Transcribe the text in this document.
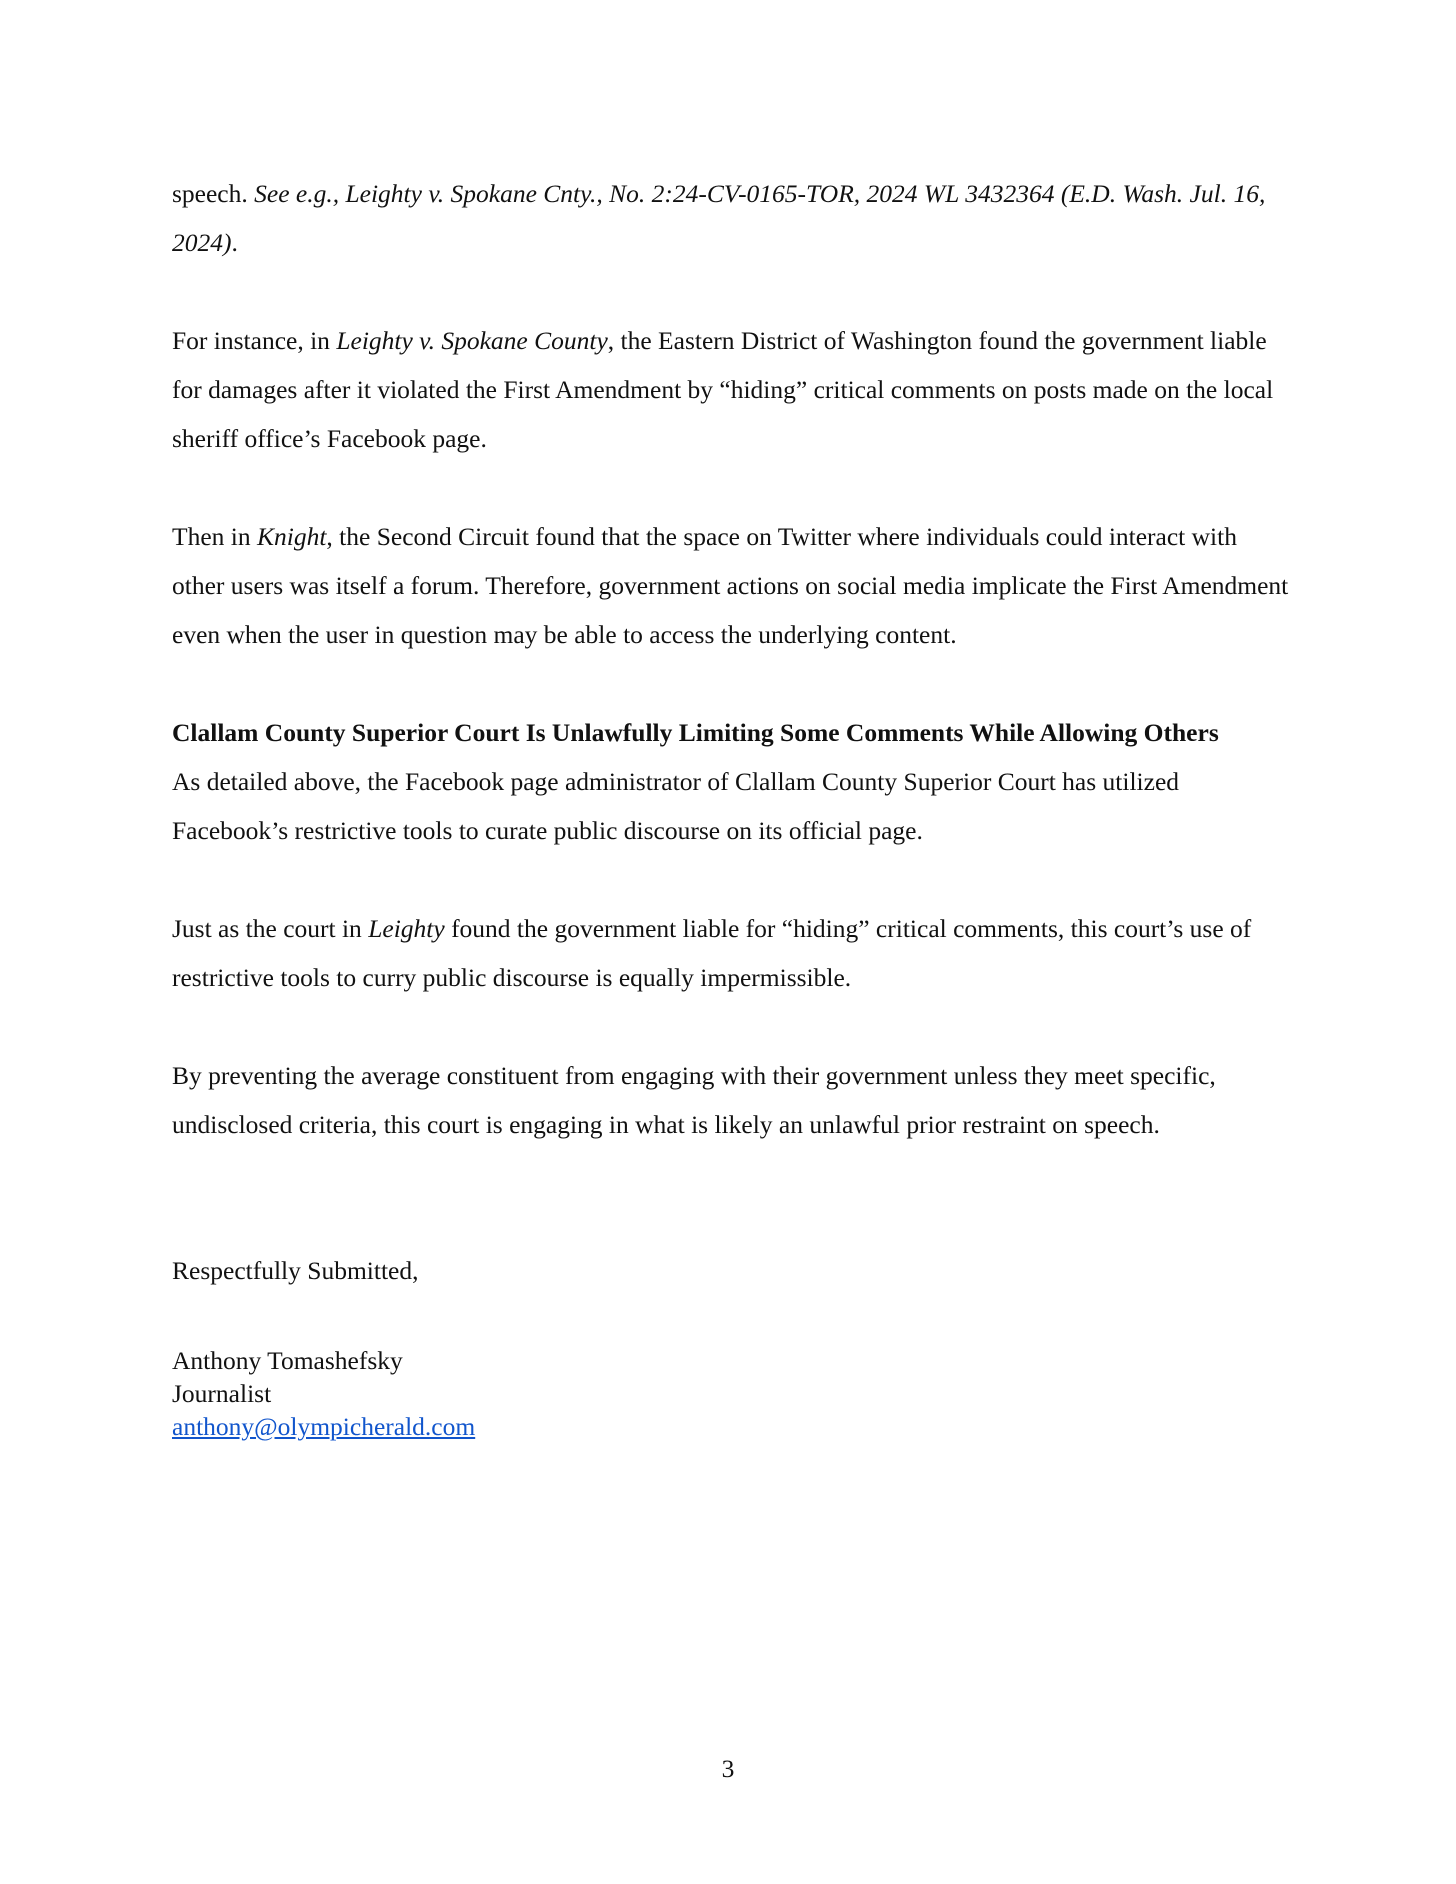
speech. See e.g., Leighty v. Spokane Cnty., No. 2:24-CV-0165-TOR, 2024 WL 3432364 (E.D. Wash. Jul. 16, 2024).

For instance, in Leighty v. Spokane County, the Eastern District of Washington found the government liable for damages after it violated the First Amendment by “hiding” critical comments on posts made on the local sheriff office’s Facebook page.

Then in Knight, the Second Circuit found that the space on Twitter where individuals could interact with other users was itself a forum. Therefore, government actions on social media implicate the First Amendment even when the user in question may be able to access the underlying content.

Clallam County Superior Court Is Unlawfully Limiting Some Comments While Allowing Others

As detailed above, the Facebook page administrator of Clallam County Superior Court has utilized Facebook’s restrictive tools to curate public discourse on its official page.

Just as the court in Leighty found the government liable for “hiding” critical comments, this court’s use of restrictive tools to curry public discourse is equally impermissible.

By preventing the average constituent from engaging with their government unless they meet specific, undisclosed criteria, this court is engaging in what is likely an unlawful prior restraint on speech.

Respectfully Submitted,

Anthony Tomashefsky
Journalist
anthony@olympicherald.com
3
